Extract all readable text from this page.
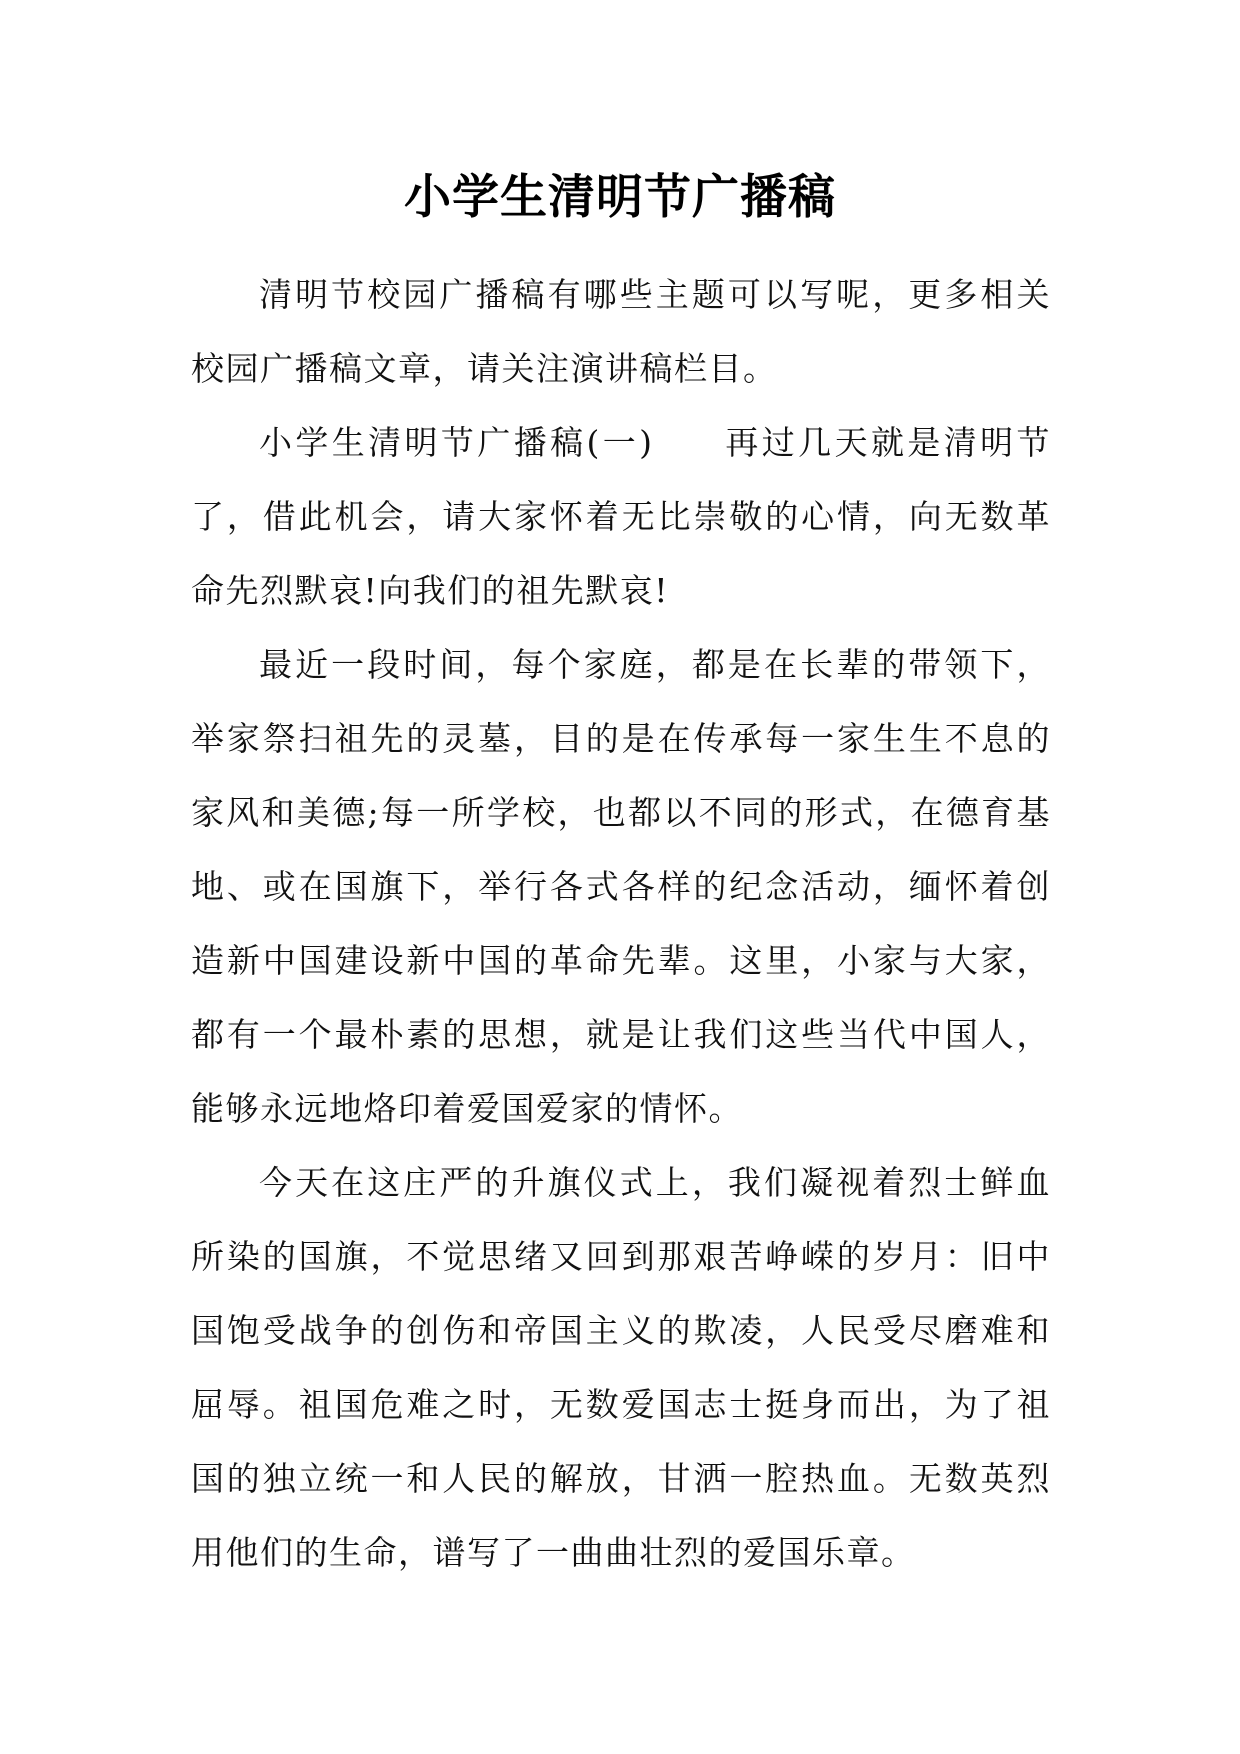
小学生清明节广播稿

清明节校园广播稿有哪些主题可以写呢，更多相关校园广播稿文章，请关注演讲稿栏目。

小学生清明节广播稿(一) 再过几天就是清明节了，借此机会，请大家怀着无比崇敬的心情，向无数革命先烈默哀!向我们的祖先默哀!

最近一段时间，每个家庭，都是在长辈的带领下，举家祭扫祖先的灵墓，目的是在传承每一家生生不息的家风和美德;每一所学校，也都以不同的形式，在德育基地、或在国旗下，举行各式各样的纪念活动，缅怀着创造新中国建设新中国的革命先辈。这里，小家与大家，都有一个最朴素的思想，就是让我们这些当代中国人，能够永远地烙印着爱国爱家的情怀。

今天在这庄严的升旗仪式上，我们凝视着烈士鲜血所染的国旗，不觉思绪又回到那艰苦峥嵘的岁月：旧中国饱受战争的创伤和帝国主义的欺凌，人民受尽磨难和屈辱。祖国危难之时，无数爱国志士挺身而出，为了祖国的独立统一和人民的解放，甘洒一腔热血。无数英烈用他们的生命，谱写了一曲曲壮烈的爱国乐章。
